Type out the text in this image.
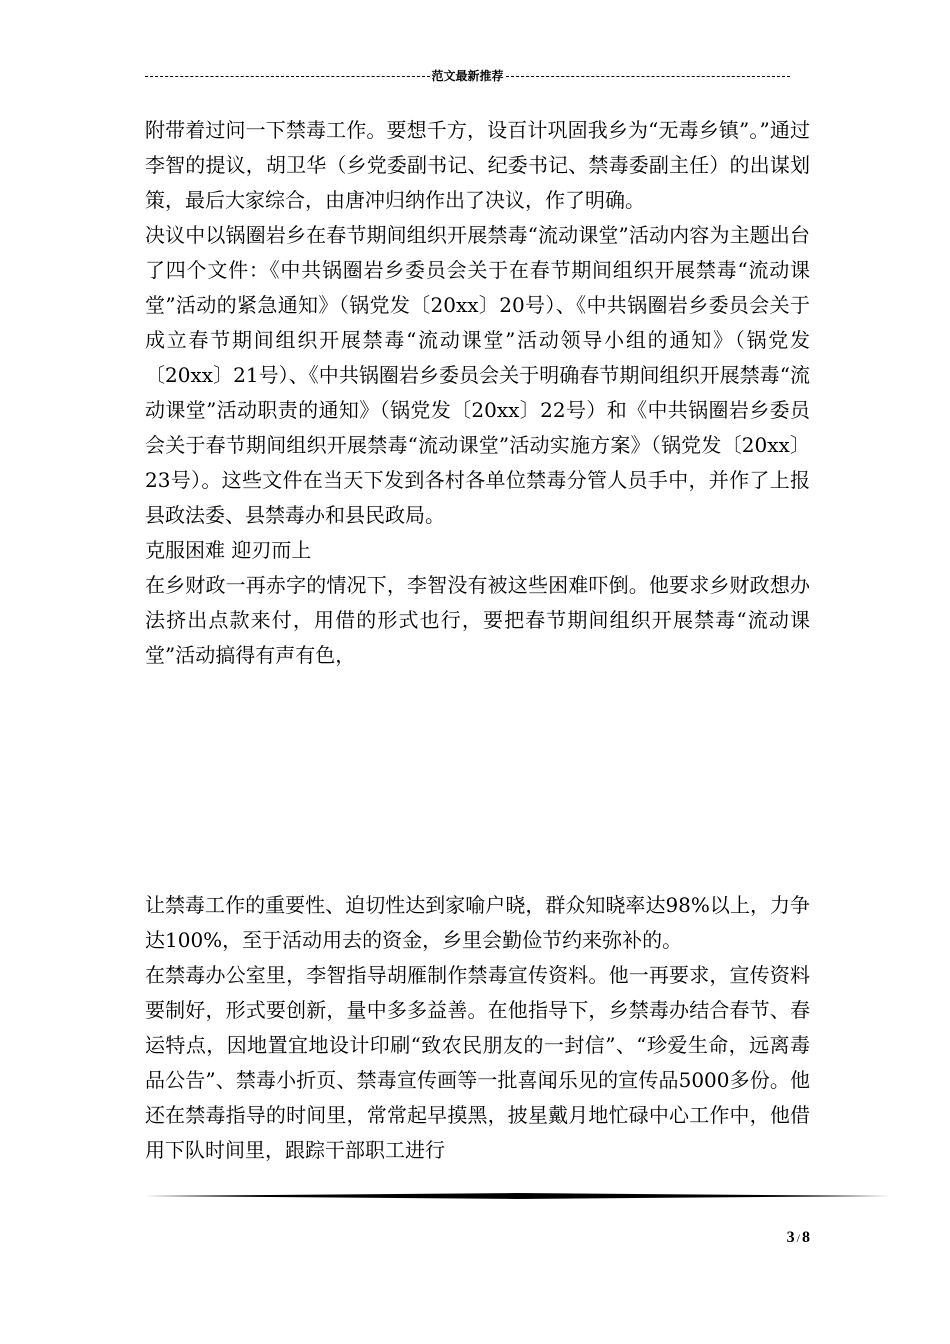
范文最新推荐

附带着过问一下禁毒工作。要想千方，设百计巩固我乡为“无毒乡镇”。”通过李智的提议，胡卫华（乡党委副书记、纪委书记、禁毒委副主任）的出谋划策，最后大家综合，由唐冲归纳作出了决议，作了明确。

决议中以锅圈岩乡在春节期间组织开展禁毒“流动课堂”活动内容为主题出台了四个文件：《中共锅圈岩乡委员会关于在春节期间组织开展禁毒“流动课堂”活动的紧急通知》（锅党发〔20xx〕20号）、《中共锅圈岩乡委员会关于成立春节期间组织开展禁毒“流动课堂”活动领导小组的通知》（锅党发〔20xx〕21号）、《中共锅圈岩乡委员会关于明确春节期间组织开展禁毒“流动课堂”活动职责的通知》（锅党发〔20xx〕22号）和《中共锅圈岩乡委员会关于春节期间组织开展禁毒“流动课堂”活动实施方案》（锅党发〔20xx〕23号）。这些文件在当天下发到各村各单位禁毒分管人员手中，并作了上报县政法委、县禁毒办和县民政局。

克服困难 迎刃而上

在乡财政一再赤字的情况下，李智没有被这些困难吓倒。他要求乡财政想办法挤出点款来付，用借的形式也行，要把春节期间组织开展禁毒“流动课堂”活动搞得有声有色，

让禁毒工作的重要性、迫切性达到家喻户晓，群众知晓率达98%以上，力争达100%，至于活动用去的资金，乡里会勤俭节约来弥补的。

在禁毒办公室里，李智指导胡雁制作禁毒宣传资料。他一再要求，宣传资料要制好，形式要创新，量中多多益善。在他指导下，乡禁毒办结合春节、春运特点，因地置宜地设计印刷“致农民朋友的一封信”、“珍爱生命，远离毒品公告”、禁毒小折页、禁毒宣传画等一批喜闻乐见的宣传品5000多份。他还在禁毒指导的时间里，常常起早摸黑，披星戴月地忙碌中心工作中，他借用下队时间里，跟踪干部职工进行

3 / 8
